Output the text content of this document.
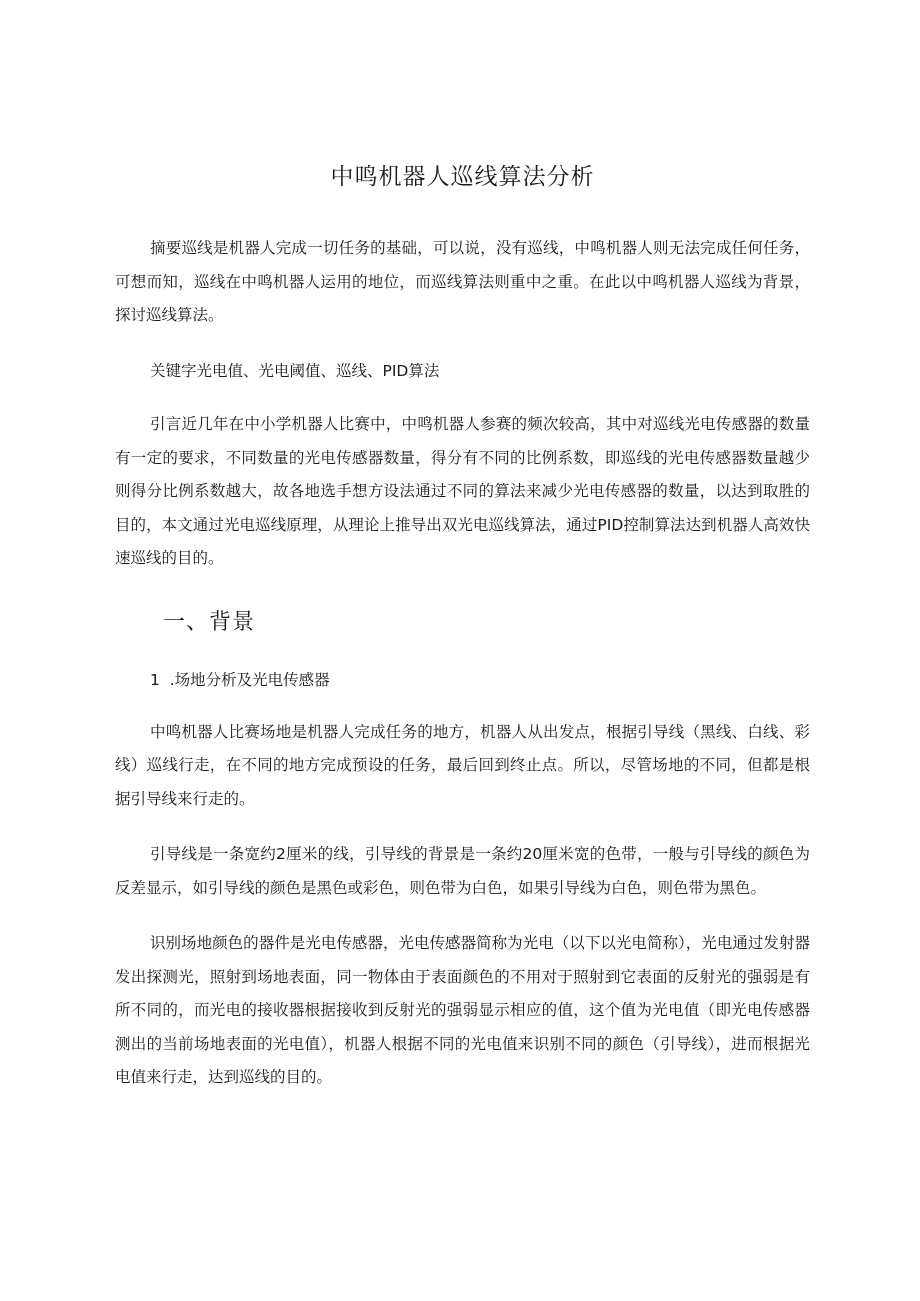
中鸣机器人巡线算法分析

摘要巡线是机器人完成一切任务的基础，可以说，没有巡线，中鸣机器人则无法完成任何任务，可想而知，巡线在中鸣机器人运用的地位，而巡线算法则重中之重。在此以中鸣机器人巡线为背景，探讨巡线算法。

关键字光电值、光电阈值、巡线、PID算法

引言近几年在中小学机器人比赛中，中鸣机器人参赛的频次较高，其中对巡线光电传感器的数量有一定的要求，不同数量的光电传感器数量，得分有不同的比例系数，即巡线的光电传感器数量越少则得分比例系数越大，故各地选手想方设法通过不同的算法来减少光电传感器的数量，以达到取胜的目的，本文通过光电巡线原理，从理论上推导出双光电巡线算法，通过PID控制算法达到机器人高效快速巡线的目的。

一、背景
1  .场地分析及光电传感器

中鸣机器人比赛场地是机器人完成任务的地方，机器人从出发点，根据引导线（黑线、白线、彩线）巡线行走，在不同的地方完成预设的任务，最后回到终止点。所以，尽管场地的不同，但都是根据引导线来行走的。

引导线是一条宽约2厘米的线，引导线的背景是一条约20厘米宽的色带，一般与引导线的颜色为反差显示，如引导线的颜色是黑色或彩色，则色带为白色，如果引导线为白色，则色带为黑色。

识别场地颜色的器件是光电传感器，光电传感器简称为光电（以下以光电简称），光电通过发射器发出探测光，照射到场地表面，同一物体由于表面颜色的不用对于照射到它表面的反射光的强弱是有所不同的，而光电的接收器根据接收到反射光的强弱显示相应的值，这个值为光电值（即光电传感器测出的当前场地表面的光电值），机器人根据不同的光电值来识别不同的颜色（引导线），进而根据光电值来行走，达到巡线的目的。
